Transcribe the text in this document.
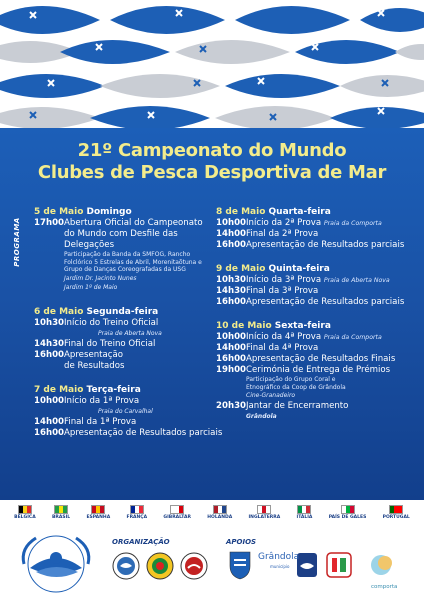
21º Campeonato do Mundo
Clubes de Pesca Desportiva de Mar
PROGRAMA
5 de Maio Domingo
17h00 Abertura Oficial do Campeonato do Mundo com Desfile das Delegações
Participação da Banda da SMFOG, Rancho Folclórico 5 Estrelas de Abril, Morenitaõtuna e Grupo de Danças Coreografadas da USG
Jardim Dr. Jacinto Nunes
Jardim 1º de Maio
6 de Maio Segunda-feira
10h30 Início do Treino Oficial
Praia de Aberta Nova
14h30 Final do Treino Oficial
16h00 Apresentação de Resultados
7 de Maio Terça-feira
10h00 Início da 1ª Prova
Praia do Carvalhal
14h00 Final da 1ª Prova
16h00 Apresentação de Resultados parciais
8 de Maio Quarta-feira
10h00 Início da 2ª Prova Praia da Comporta
14h00 Final da 2ª Prova
16h00 Apresentação de Resultados parciais
9 de Maio Quinta-feira
10h30 Início da 3ª Prova Praia de Aberta Nova
14h30 Final da 3ª Prova
16h00 Apresentação de Resultados parciais
10 de Maio Sexta-feira
10h00 Início da 4ª Prova Praia da Comporta
14h00 Final da 4ª Prova
16h00 Apresentação de Resultados Finais
19h00 Cerimónia de Entrega de Prémios
Participação do Grupo Coral e Etnográfico da Coop de Grândola
Cine-Granadeiro
20h30 Jantar de Encerramento
Grândola
BÉLGICA	BRASIL	ESPANHA	FRANÇA	GIBRALTAR	HOLANDA	INGLATERRA	ITÁLIA	PAÍS DE GALES	PORTUGAL
ORGANIZAÇÃO	APOIOS
Grândola
município
comporta
